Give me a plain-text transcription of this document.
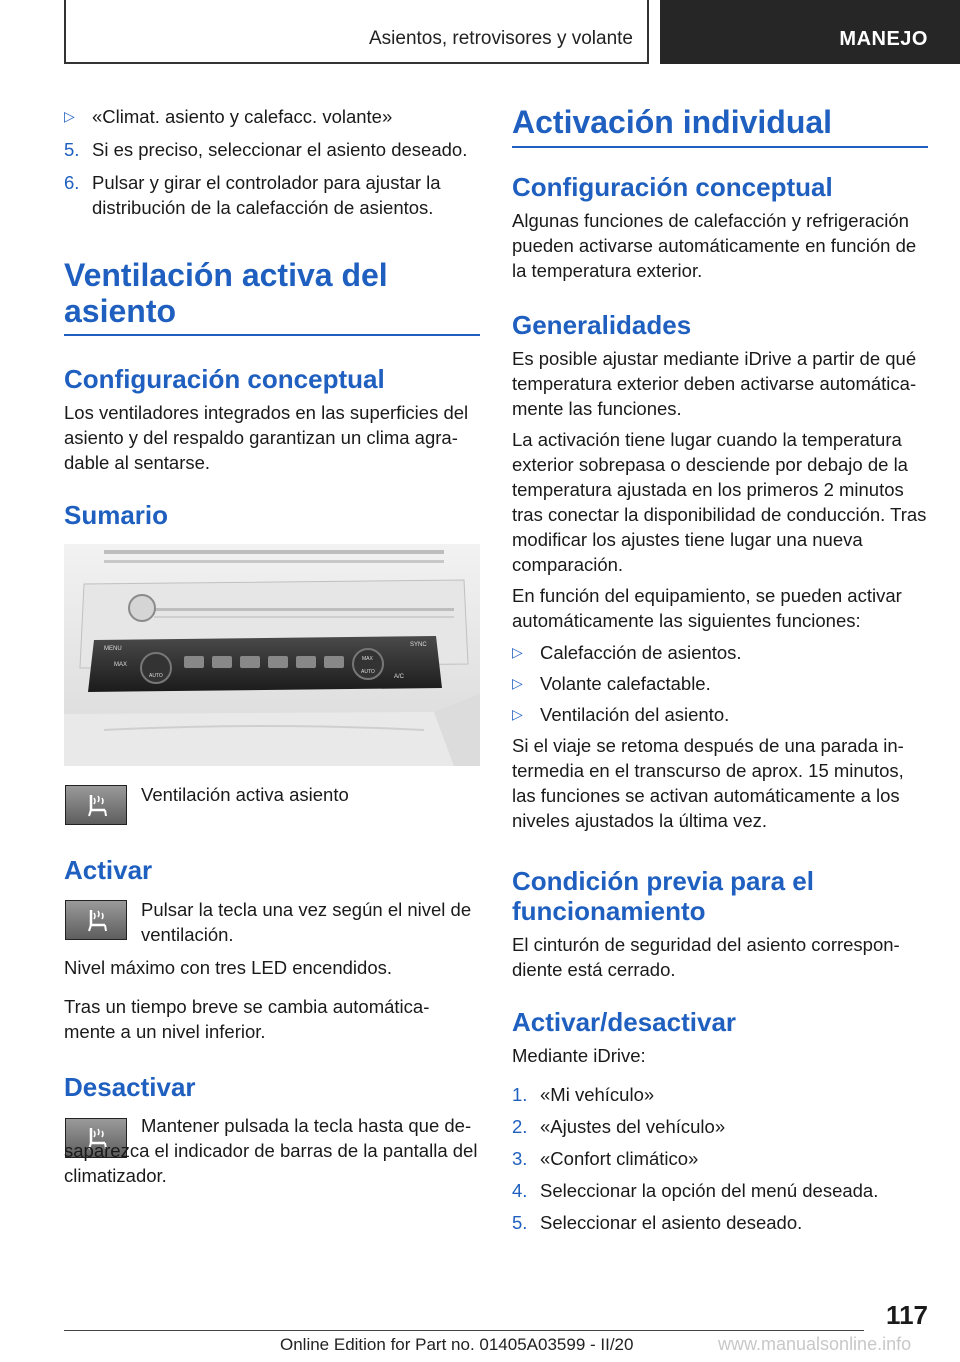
Asientos, retrovisores y volante	MANEJO
▷ «Climat. asiento y calefacc. volante»
5. Si es preciso, seleccionar el asiento deseado.
6. Pulsar y girar el controlador para ajustar la distribución de la calefacción de asientos.

Ventilación activa del asiento

Configuración conceptual

Los ventiladores integrados en las superficies del asiento y del respaldo garantizan un clima agra-dable al sentarse.

Sumario

MENU
MAX
AUTO
AUTO
A/C
SYNC
MAX

Ventilación activa asiento

Activar

Pulsar la tecla una vez según el nivel de ventilación.

Nivel máximo con tres LED encendidos.

Tras un tiempo breve se cambia automática-mente a un nivel inferior.

Desactivar

Mantener pulsada la tecla hasta que de-saparezca el indicador de barras de la pantalla del climatizador.

Activación individual

Configuración conceptual

Algunas funciones de calefacción y refrigeración pueden activarse automáticamente en función de la temperatura exterior.

Generalidades

Es posible ajustar mediante iDrive a partir de qué temperatura exterior deben activarse automática-mente las funciones.

La activación tiene lugar cuando la temperatura exterior sobrepasa o desciende por debajo de la temperatura ajustada en los primeros 2 minutos tras conectar la disponibilidad de conducción. Tras modificar los ajustes tiene lugar una nueva comparación.

En función del equipamiento, se pueden activar automáticamente las siguientes funciones:

▷ Calefacción de asientos.
▷ Volante calefactable.
▷ Ventilación del asiento.

Si el viaje se retoma después de una parada in-termedia en el transcurso de aprox. 15 minutos, las funciones se activan automáticamente a los niveles ajustados la última vez.

Condición previa para el funcionamiento

El cinturón de seguridad del asiento correspon-diente está cerrado.

Activar/desactivar

Mediante iDrive:

1. «Mi vehículo»
2. «Ajustes del vehículo»
3. «Confort climático»
4. Seleccionar la opción del menú deseada.
5. Seleccionar el asiento deseado.
117
Online Edition for Part no. 01405A03599 - II/20	www.manualsonline.info
